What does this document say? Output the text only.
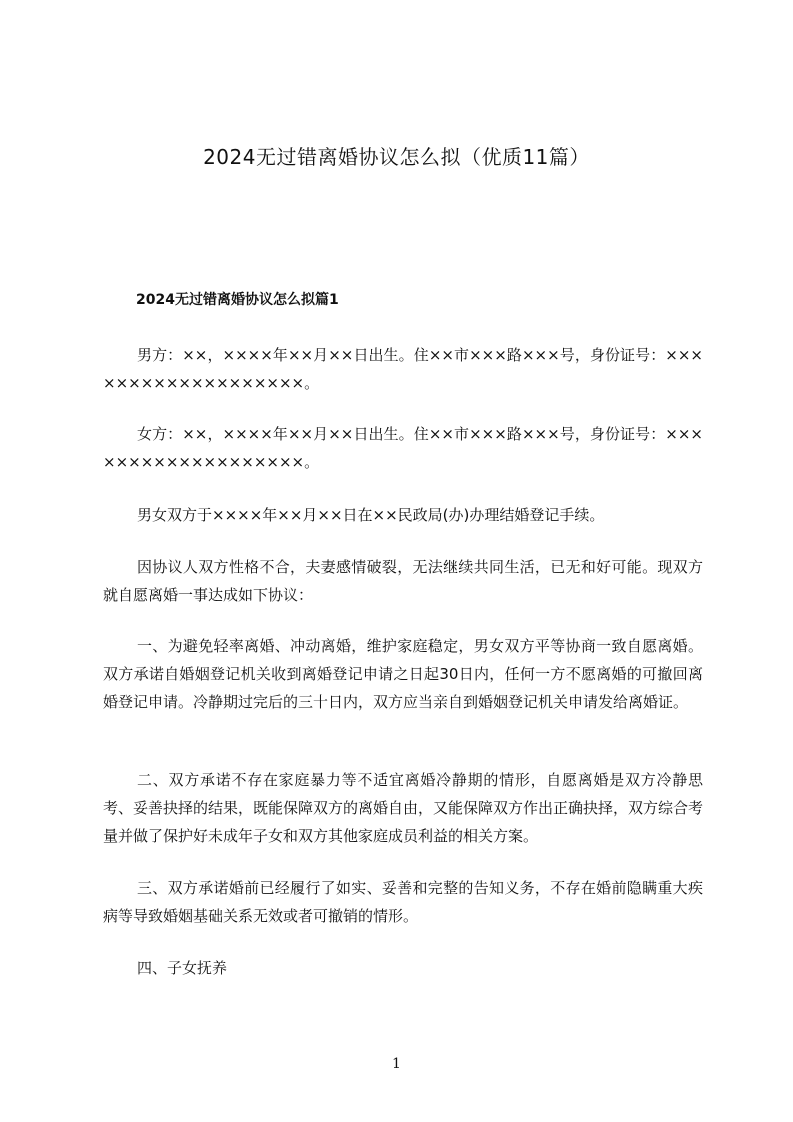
2024无过错离婚协议怎么拟（优质11篇）
2024无过错离婚协议怎么拟篇1

男方：××，××××年××月××日出生。住××市×××路×××号，身份证号：×××××××××××××××××××。

女方：××，××××年××月××日出生。住××市×××路×××号，身份证号：×××××××××××××××××××。

男女双方于××××年××月××日在××民政局(办)办理结婚登记手续。

因协议人双方性格不合，夫妻感情破裂，无法继续共同生活，已无和好可能。现双方就自愿离婚一事达成如下协议：

一、为避免轻率离婚、冲动离婚，维护家庭稳定，男女双方平等协商一致自愿离婚。双方承诺自婚姻登记机关收到离婚登记申请之日起30日内，任何一方不愿离婚的可撤回离婚登记申请。冷静期过完后的三十日内，双方应当亲自到婚姻登记机关申请发给离婚证。

二、双方承诺不存在家庭暴力等不适宜离婚冷静期的情形，自愿离婚是双方冷静思考、妥善抉择的结果，既能保障双方的离婚自由，又能保障双方作出正确抉择，双方综合考量并做了保护好未成年子女和双方其他家庭成员利益的相关方案。

三、双方承诺婚前已经履行了如实、妥善和完整的告知义务，不存在婚前隐瞒重大疾病等导致婚姻基础关系无效或者可撤销的情形。

四、子女抚养

1
